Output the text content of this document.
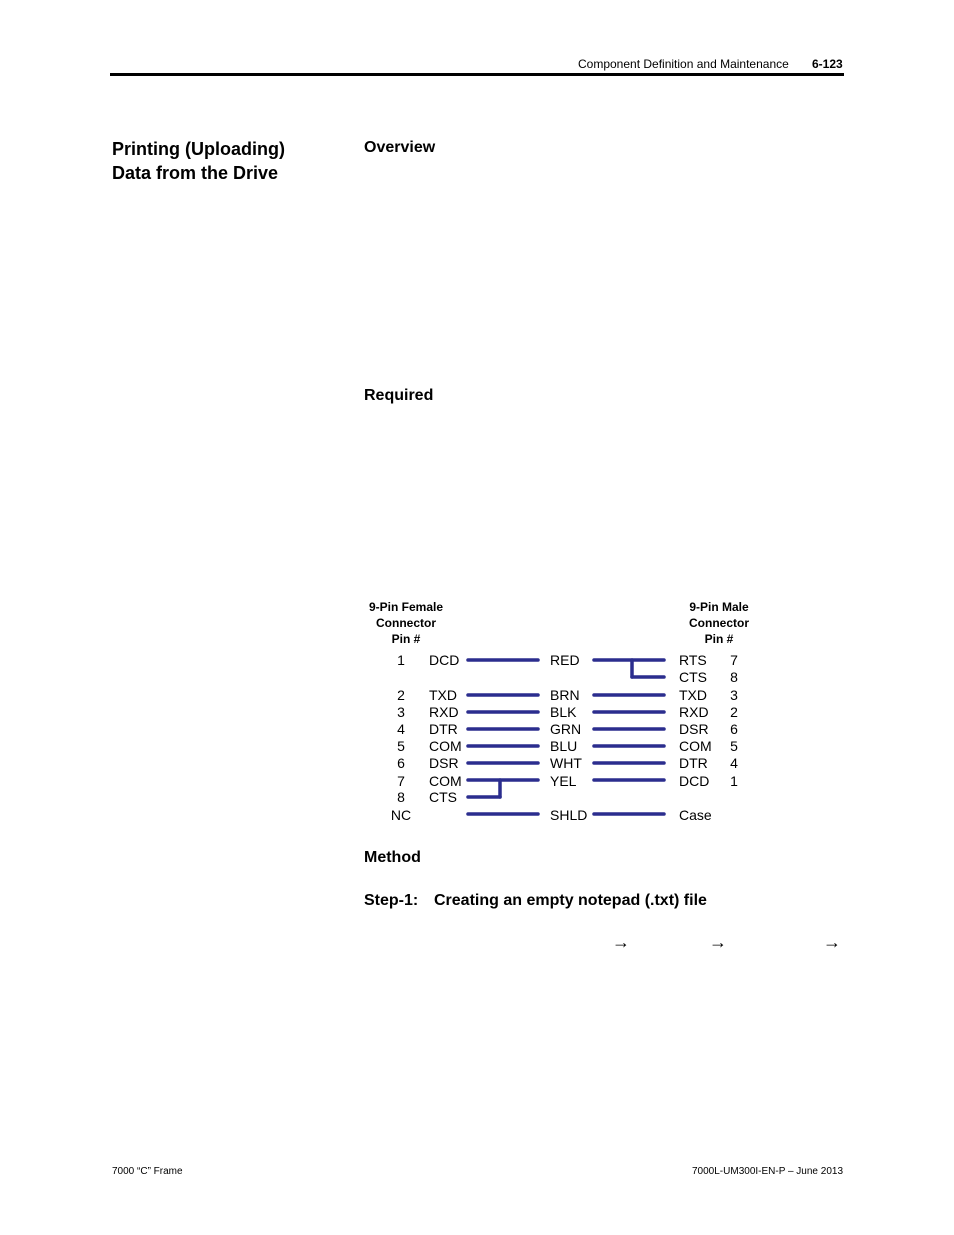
Component Definition and Maintenance 6-123
Printing (Uploading)
Data from the Drive
Overview
Required
9-Pin Female
Connector
Pin #
9-Pin Male
Connector
Pin #
1 DCD	RED	RTS 7
CTS 8
2 TXD	BRN	TXD 3
3 RXD	BLK	RXD 2
4 DTR	GRN	DSR 6
5 COM	BLU	COM 5
6 DSR	WHT	DTR 4
7 COM	YEL	DCD 1
8 CTS
NC	SHLD	Case
Method
Step-1: Creating an empty notepad (.txt) file
→	→	→
7000 “C” Frame	7000L-UM300I-EN-P – June 2013
